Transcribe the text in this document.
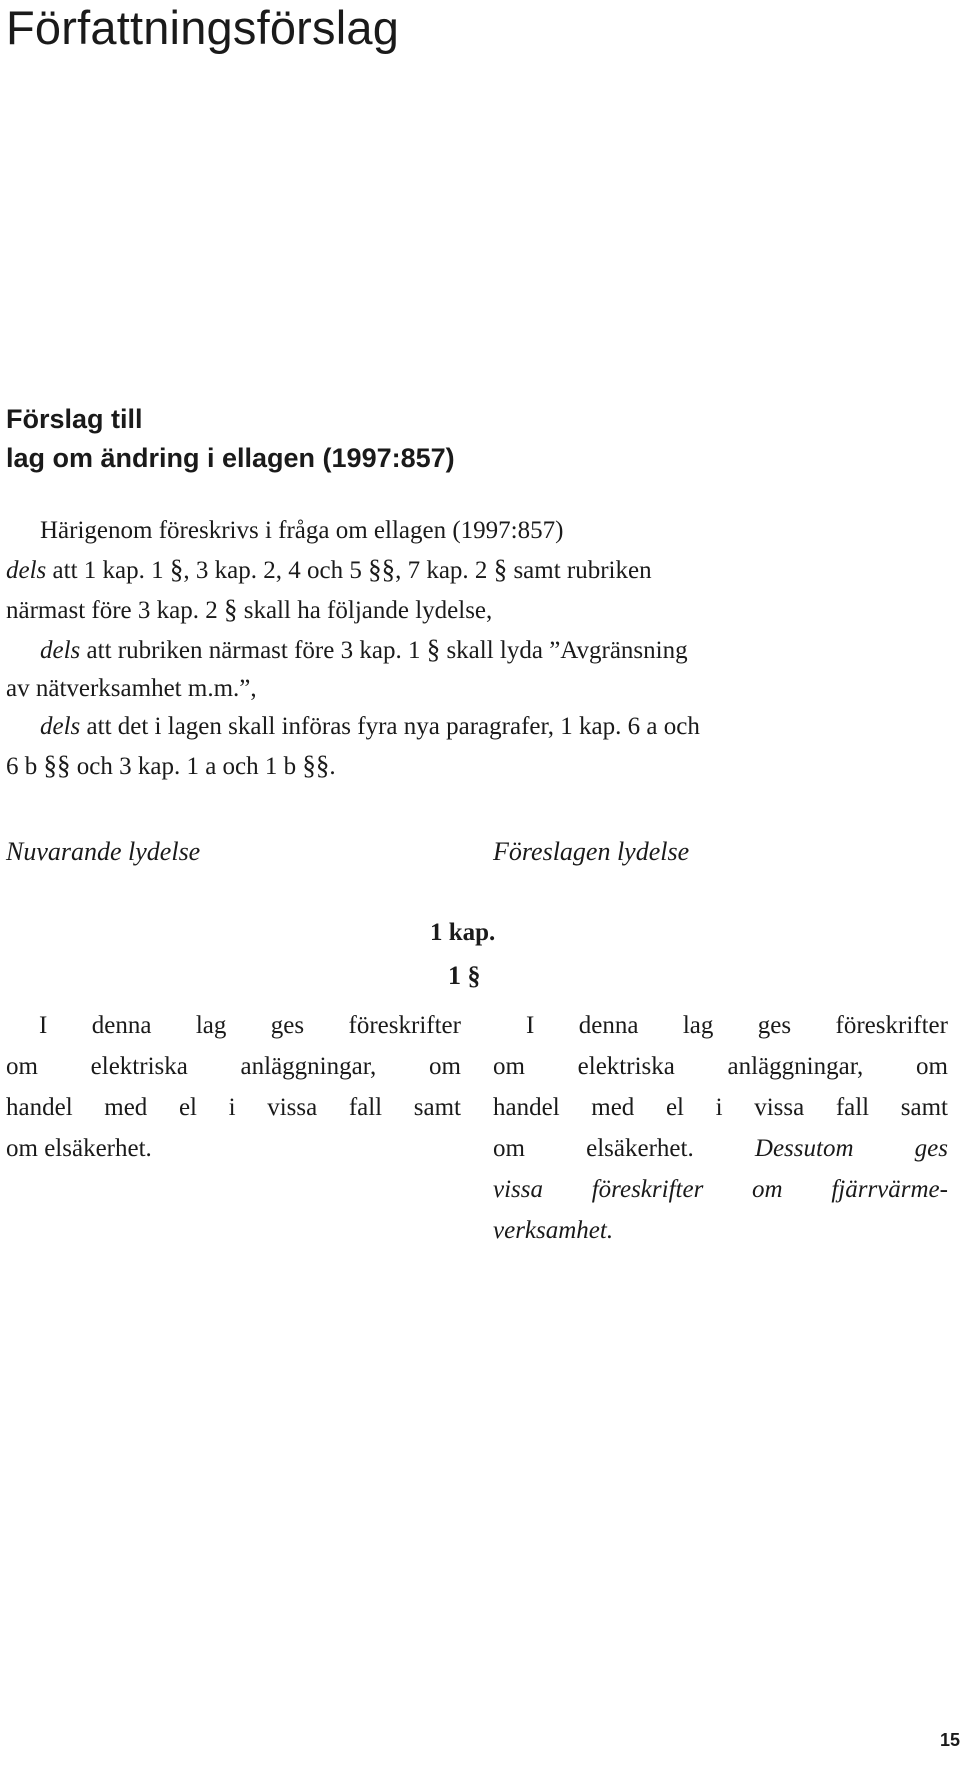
Författningsförslag
Förslag till
lag om ändring i ellagen (1997:857)
Härigenom föreskrivs i fråga om ellagen (1997:857)
dels att 1 kap. 1 §, 3 kap. 2, 4 och 5 §§, 7 kap. 2 § samt rubriken
närmast före 3 kap. 2 § skall ha följande lydelse,
dels att rubriken närmast före 3 kap. 1 § skall lyda ”Avgränsning
av nätverksamhet m.m.”,
dels att det i lagen skall införas fyra nya paragrafer, 1 kap. 6 a och
6 b §§ och 3 kap. 1 a och 1 b §§.
Nuvarande lydelse	Föreslagen lydelse
1 kap.
1 §
I denna lag ges föreskrifter
om elektriska anläggningar, om
handel med el i vissa fall samt
om elsäkerhet.
I denna lag ges föreskrifter
om elektriska anläggningar, om
handel med el i vissa fall samt
om elsäkerhet. Dessutom ges
vissa föreskrifter om fjärrvärme-
verksamhet.
15
